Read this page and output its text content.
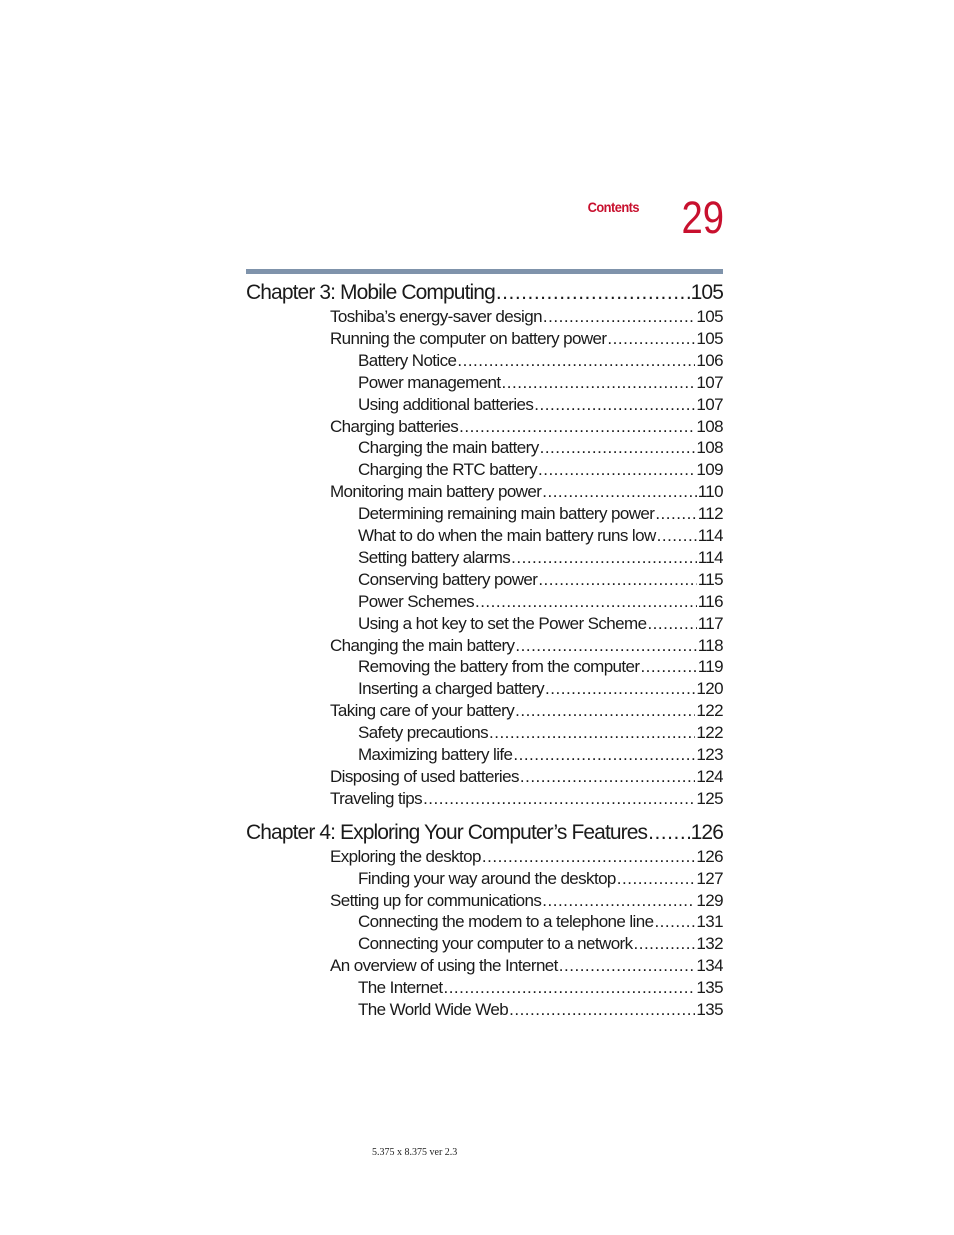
Contents 29
Chapter 3: Mobile Computing .....	105
Toshiba’s energy-saver design .....	105
Running the computer on battery power .....	105
Battery Notice .....	106
Power management .....	107
Using additional batteries .....	107
Charging batteries .....	108
Charging the main battery .....	108
Charging the RTC battery .....	109
Monitoring main battery power .....	110
Determining remaining main battery power .....	112
What to do when the main battery runs low ..... 114
Setting battery alarms .....	114
Conserving battery power .....	115
Power Schemes .....	116
Using a hot key to set the Power Scheme .....	117
Changing the main battery .....	118
Removing the battery from the computer .....	119
Inserting a charged battery .....	120
Taking care of your battery .....	122
Safety precautions .....	122
Maximizing battery life .....	123
Disposing of used batteries .....	124
Traveling tips .....	125
Chapter 4: Exploring Your Computer’s Features ..... 126
Exploring the desktop .....	126
Finding your way around the desktop .....	127
Setting up for communications .....	129
Connecting the modem to a telephone line .....	131
Connecting your computer to a network .....	132
An overview of using the Internet .....	134
The Internet .....	135
The World Wide Web .....	135
5.375 x 8.375 ver 2.3
